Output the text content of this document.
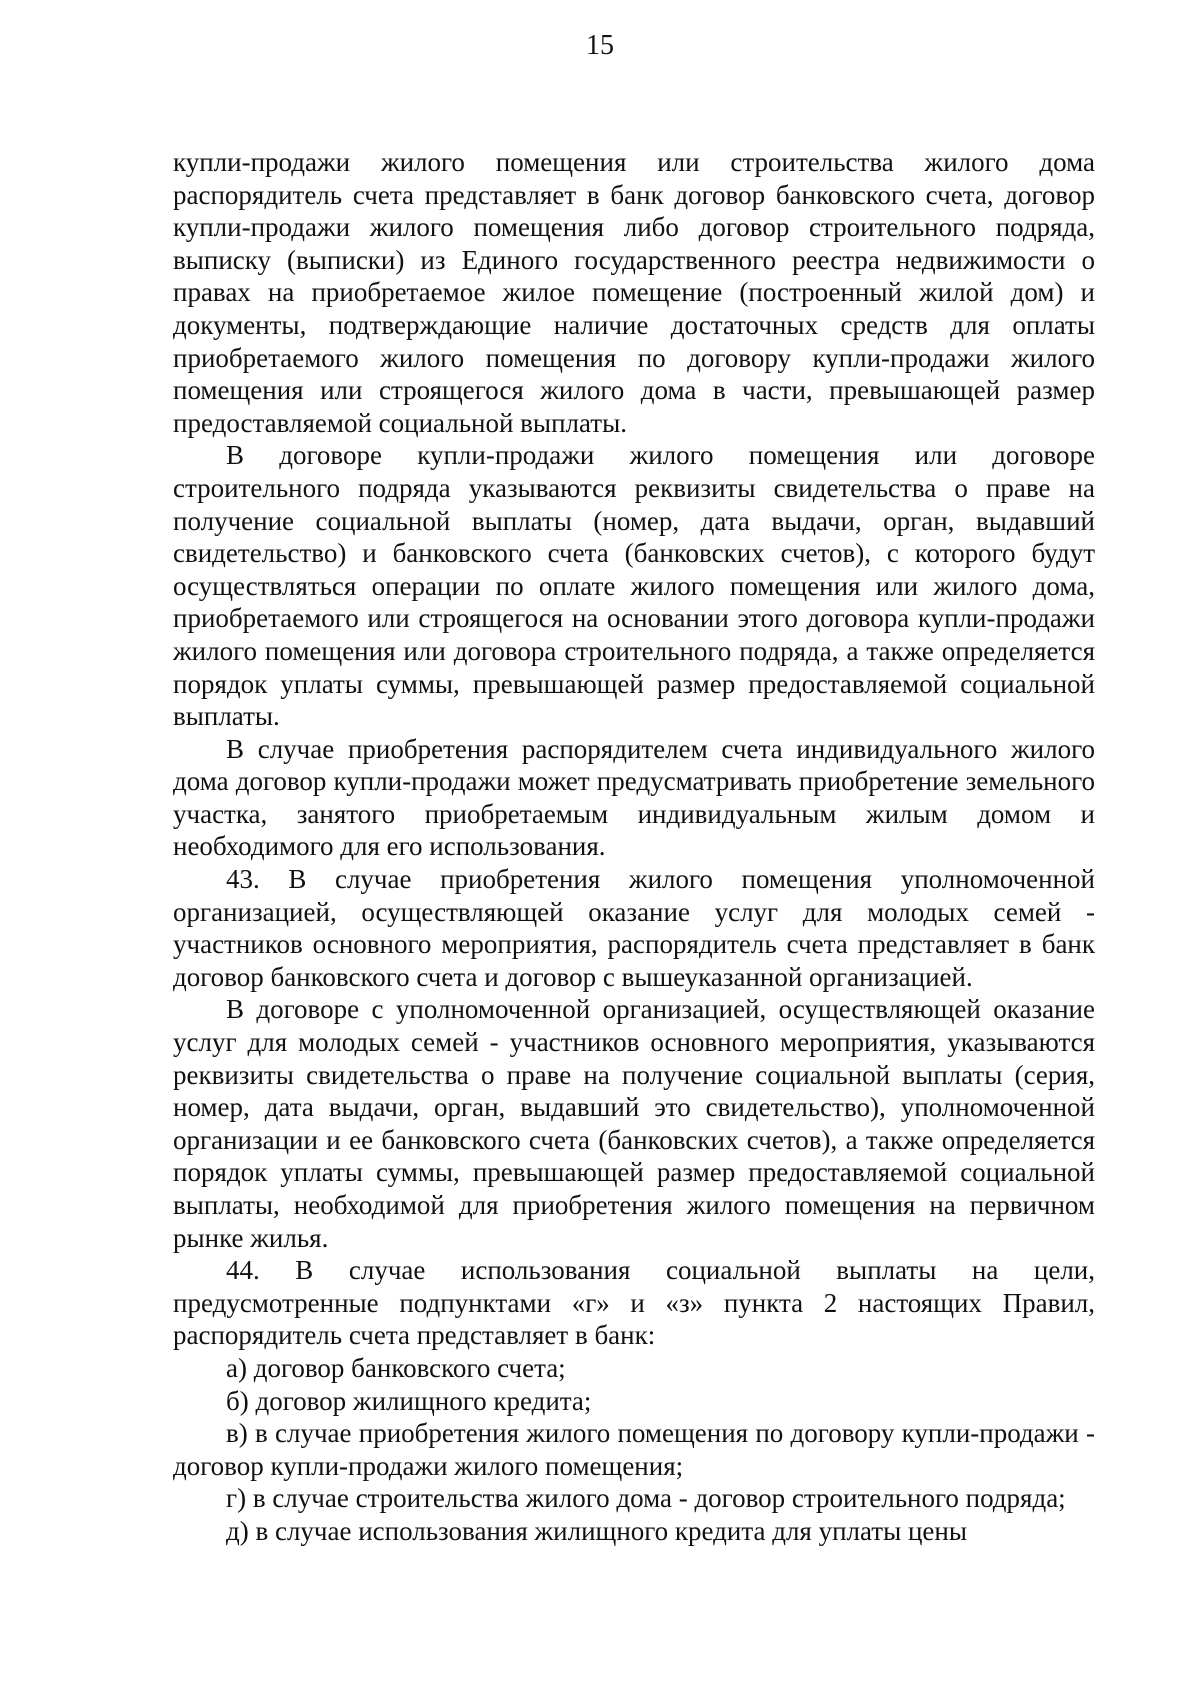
15

купли-продажи жилого помещения или строительства жилого дома распорядитель счета представляет в банк договор банковского счета, договор купли-продажи жилого помещения либо договор строительного подряда, выписку (выписки) из Единого государственного реестра недвижимости о правах на приобретаемое жилое помещение (построенный жилой дом) и документы, подтверждающие наличие достаточных средств для оплаты приобретаемого жилого помещения по договору купли-продажи жилого помещения или строящегося жилого дома в части, превышающей размер предоставляемой социальной выплаты.

В договоре купли-продажи жилого помещения или договоре строительного подряда указываются реквизиты свидетельства о праве на получение социальной выплаты (номер, дата выдачи, орган, выдавший свидетельство) и банковского счета (банковских счетов), с которого будут осуществляться операции по оплате жилого помещения или жилого дома, приобретаемого или строящегося на основании этого договора купли-продажи жилого помещения или договора строительного подряда, а также определяется порядок уплаты суммы, превышающей размер предоставляемой социальной выплаты.

В случае приобретения распорядителем счета индивидуального жилого дома договор купли-продажи может предусматривать приобретение земельного участка, занятого приобретаемым индивидуальным жилым домом и необходимого для его использования.

43. В случае приобретения жилого помещения уполномоченной организацией, осуществляющей оказание услуг для молодых семей - участников основного мероприятия, распорядитель счета представляет в банк договор банковского счета и договор с вышеуказанной организацией.

В договоре с уполномоченной организацией, осуществляющей оказание услуг для молодых семей - участников основного мероприятия, указываются реквизиты свидетельства о праве на получение социальной выплаты (серия, номер, дата выдачи, орган, выдавший это свидетельство), уполномоченной организации и ее банковского счета (банковских счетов), а также определяется порядок уплаты суммы, превышающей размер предоставляемой социальной выплаты, необходимой для приобретения жилого помещения на первичном рынке жилья.

44. В случае использования социальной выплаты на цели, предусмотренные подпунктами «г» и «з» пункта 2 настоящих Правил, распорядитель счета представляет в банк:

а) договор банковского счета;

б) договор жилищного кредита;

в) в случае приобретения жилого помещения по договору купли-продажи - договор купли-продажи жилого помещения;

г) в случае строительства жилого дома - договор строительного подряда;

д) в случае использования жилищного кредита для уплаты цены
